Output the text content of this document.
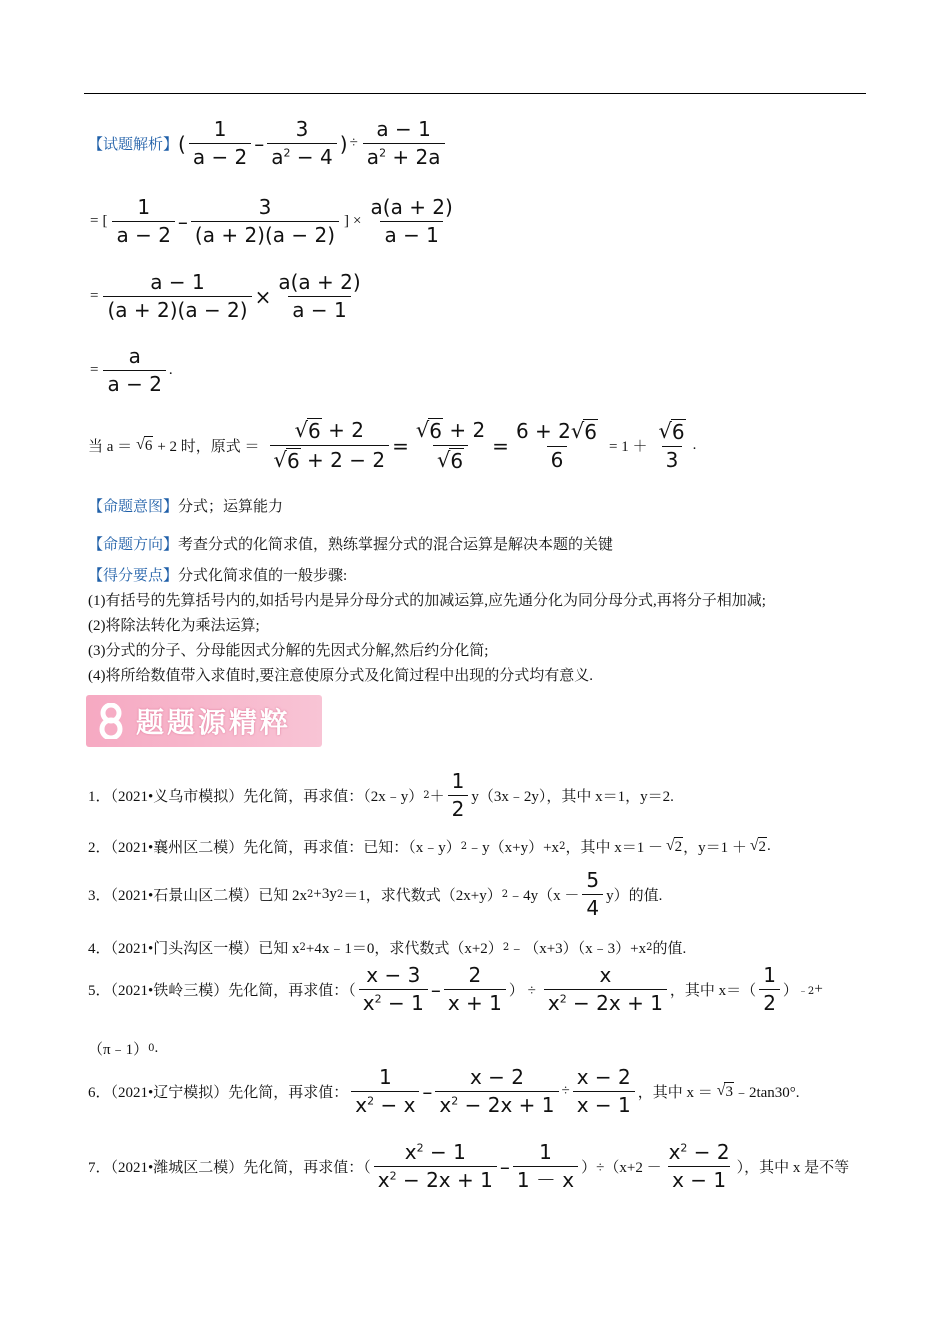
【试题解析】 ( $\frac{1}{a - 2} - \frac{3}{a^2 - 4}$ ) ÷ $\frac{a - 1}{a^2 + 2a}$
= [ $\frac{1}{a - 2} - \frac{3}{(a + 2)(a - 2)}$ ] × $\frac{a(a + 2)}{a - 1}$
= $\frac{a - 1}{(a + 2)(a - 2)} \times \frac{a(a + 2)}{a - 1}$
= $\frac{a}{a - 2}$ .
当 a ＝ √ 6 + 2 时，原式 ＝ $\frac{√ 6 + 2}{√ 6 + 2 - 2} = \frac{√ 6 + 2}{√ 6} = \frac{6 + 2 √ 6}{6} = 1 + \frac{√ 6}{3}$ .
【命题意图】 分式；运算能力
【命题方向】 考查分式的化简求值，熟练掌握分式的混合运算是解决本题的关键
【得分要点】 分式化简求值的一般步骤:
(1)有括号的先算括号内的,如括号内是异分母分式的加减运算,应先通分化为同分母分式,再将分子相加减;
(2)将除法转化为乘法运算;
(3)分式的分子、分母能因式分解的先因式分解,然后约分化简;
(4)将所给数值带入求值时,要注意使原分式及化简过程中出现的分式均有意义.
题题源精粹
1．（2021•义乌市模拟）先化简，再求值：（2x﹣y） $2 + \frac{1}{2}$ y（3x﹣2y），其中 x＝1，y＝2.
2．（2021•襄州区二模）先化简，再求值：已知：（x﹣y） 2 ﹣y（x+y）+x 2 ，其中 x＝1 － √ 2 ，y＝1 ＋ √ 2 .
3．（2021•石景山区二模）已知 2x 2 +3y 2 ＝1，求代数式（2x+y） 2 ﹣4y（x － $\frac{5}{4} y$）的值.
4．（2021•门头沟区一模）已知 x 2 +4x﹣1＝0，求代数式（x+2） 2 ﹣（x+3）（x﹣3）+x 2 的值.
5．（2021•铁岭三模）先化简，再求值：（ $\frac{x - 3}{x^2 - 1} - \frac{2}{x + 1}$ ） ÷ $\frac{x}{x^2 - 2x + 1}$ ，其中 $x=( \frac{1}{2}$ ） ﹣2 +
（π﹣1） 0 .
6．（2021•辽宁模拟）先化简，再求值： $\frac{1}{x^2 - x} - \frac{x - 2}{x^2 - 2x + 1} \div \frac{x - 2}{x - 1}$ ，其中 x ＝ √ 3 ﹣2tan30°.
7．（2021•潍城区二模）先化简，再求值：（ $\frac{x^2 - 1}{x^2 - 2x + 1} - \frac{1}{1 - x} )\div(x+2 - \frac{x^2 - 2}{x - 1}$ ），其中 x 是不等
